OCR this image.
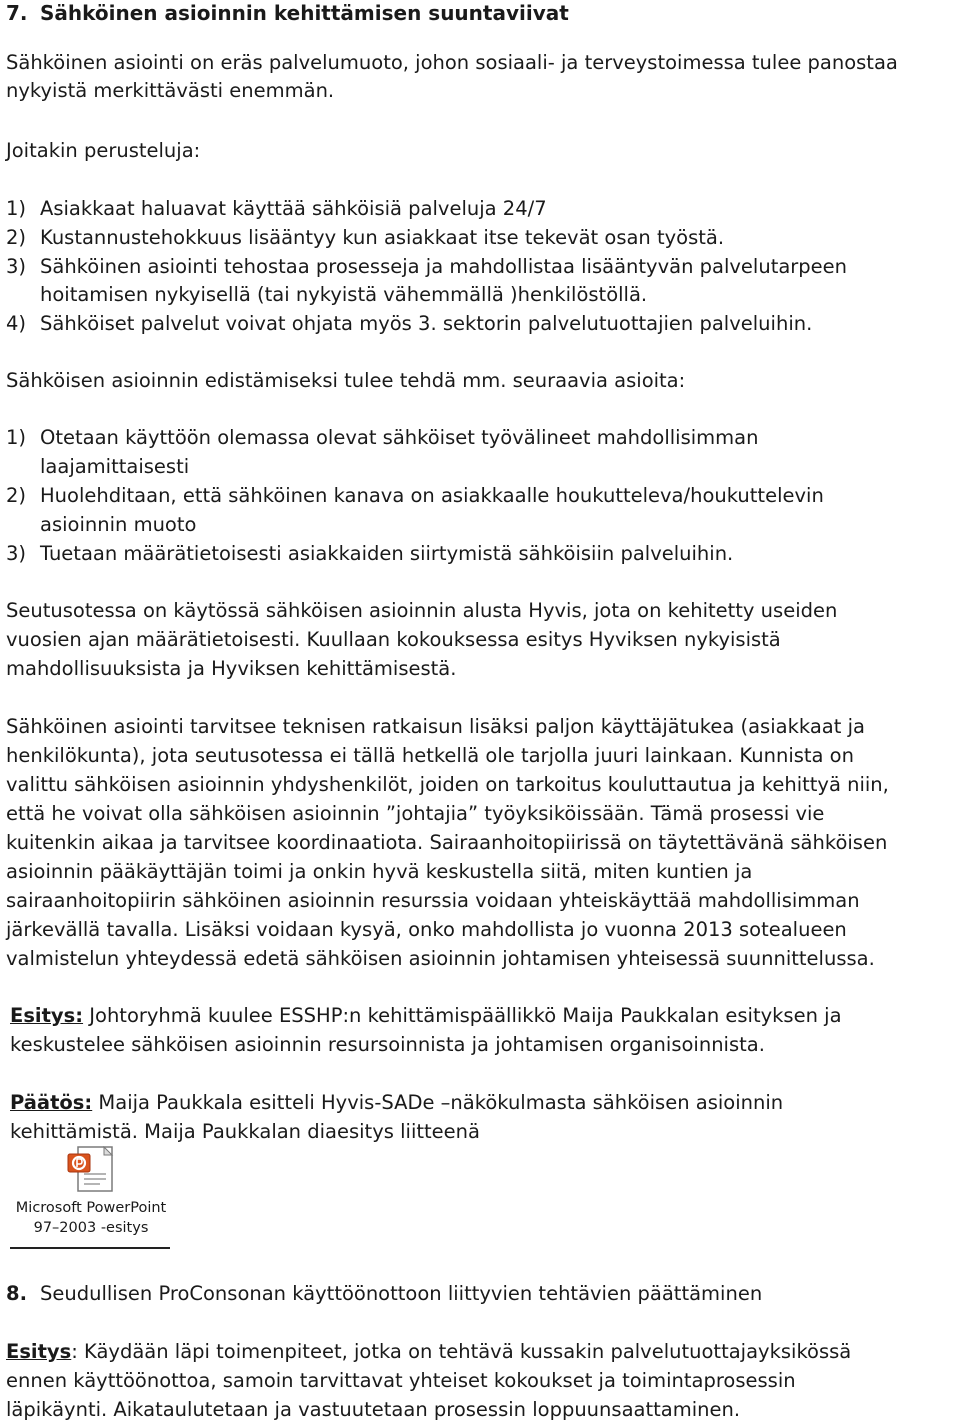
7. Sähköinen asioinnin kehittämisen suuntaviivat
Sähköinen asiointi on eräs palvelumuoto, johon sosiaali- ja terveystoimessa tulee panostaa
nykyistä merkittävästi enemmän.
Joitakin perusteluja:
1) Asiakkaat haluavat käyttää sähköisiä palveluja 24/7
2) Kustannustehokkuus lisääntyy kun asiakkaat itse tekevät osan työstä.
3) Sähköinen asiointi tehostaa prosesseja ja mahdollistaa lisääntyvän palvelutarpeen
hoitamisen nykyisellä (tai nykyistä vähemmällä )henkilöstöllä.
4) Sähköiset palvelut voivat ohjata myös 3. sektorin palvelutuottajien palveluihin.
Sähköisen asioinnin edistämiseksi tulee tehdä mm. seuraavia asioita:
1) Otetaan käyttöön olemassa olevat sähköiset työvälineet mahdollisimman
laajamittaisesti
2) Huolehditaan, että sähköinen kanava on asiakkaalle houkutteleva/houkuttelevin
asioinnin muoto
3) Tuetaan määrätietoisesti asiakkaiden siirtymistä sähköisiin palveluihin.
Seutusotessa on käytössä sähköisen asioinnin alusta Hyvis, jota on kehitetty useiden
vuosien ajan määrätietoisesti. Kuullaan kokouksessa esitys Hyviksen nykyisistä
mahdollisuuksista ja Hyviksen kehittämisestä.
Sähköinen asiointi tarvitsee teknisen ratkaisun lisäksi paljon käyttäjätukea (asiakkaat ja
henkilökunta), jota seutusotessa ei tällä hetkellä ole tarjolla juuri lainkaan. Kunnista on
valittu sähköisen asioinnin yhdyshenkilöt, joiden on tarkoitus kouluttautua ja kehittyä niin,
että he voivat olla sähköisen asioinnin ”johtajia” työyksiköissään. Tämä prosessi vie
kuitenkin aikaa ja tarvitsee koordinaatiota. Sairaanhoitopiirissä on täytettävänä sähköisen
asioinnin pääkäyttäjän toimi ja onkin hyvä keskustella siitä, miten kuntien ja
sairaanhoitopiirin sähköinen asioinnin resurssia voidaan yhteiskäyttää mahdollisimman
järkevällä tavalla. Lisäksi voidaan kysyä, onko mahdollista jo vuonna 2013 sotealueen
valmistelun yhteydessä edetä sähköisen asioinnin johtamisen yhteisessä suunnittelussa.
Esitys: Johtoryhmä kuulee ESSHP:n kehittämispäällikkö Maija Paukkalan esityksen ja
keskustelee sähköisen asioinnin resursoinnista ja johtamisen organisoinnista.
Päätös: Maija Paukkala esitteli Hyvis-SADe –näkökulmasta sähköisen asioinnin
kehittämistä. Maija Paukkalan diaesitys liitteenä
Microsoft PowerPoint
97–2003 -esitys
8. Seudullisen ProConsonan käyttöönottoon liittyvien tehtävien päättäminen
Esitys: Käydään läpi toimenpiteet, jotka on tehtävä kussakin palvelutuottajayksikössä
ennen käyttöönottoa, samoin tarvittavat yhteiset kokoukset ja toimintaprosessin
läpikäynti. Aikataulutetaan ja vastuutetaan prosessin loppuunsaattaminen.
